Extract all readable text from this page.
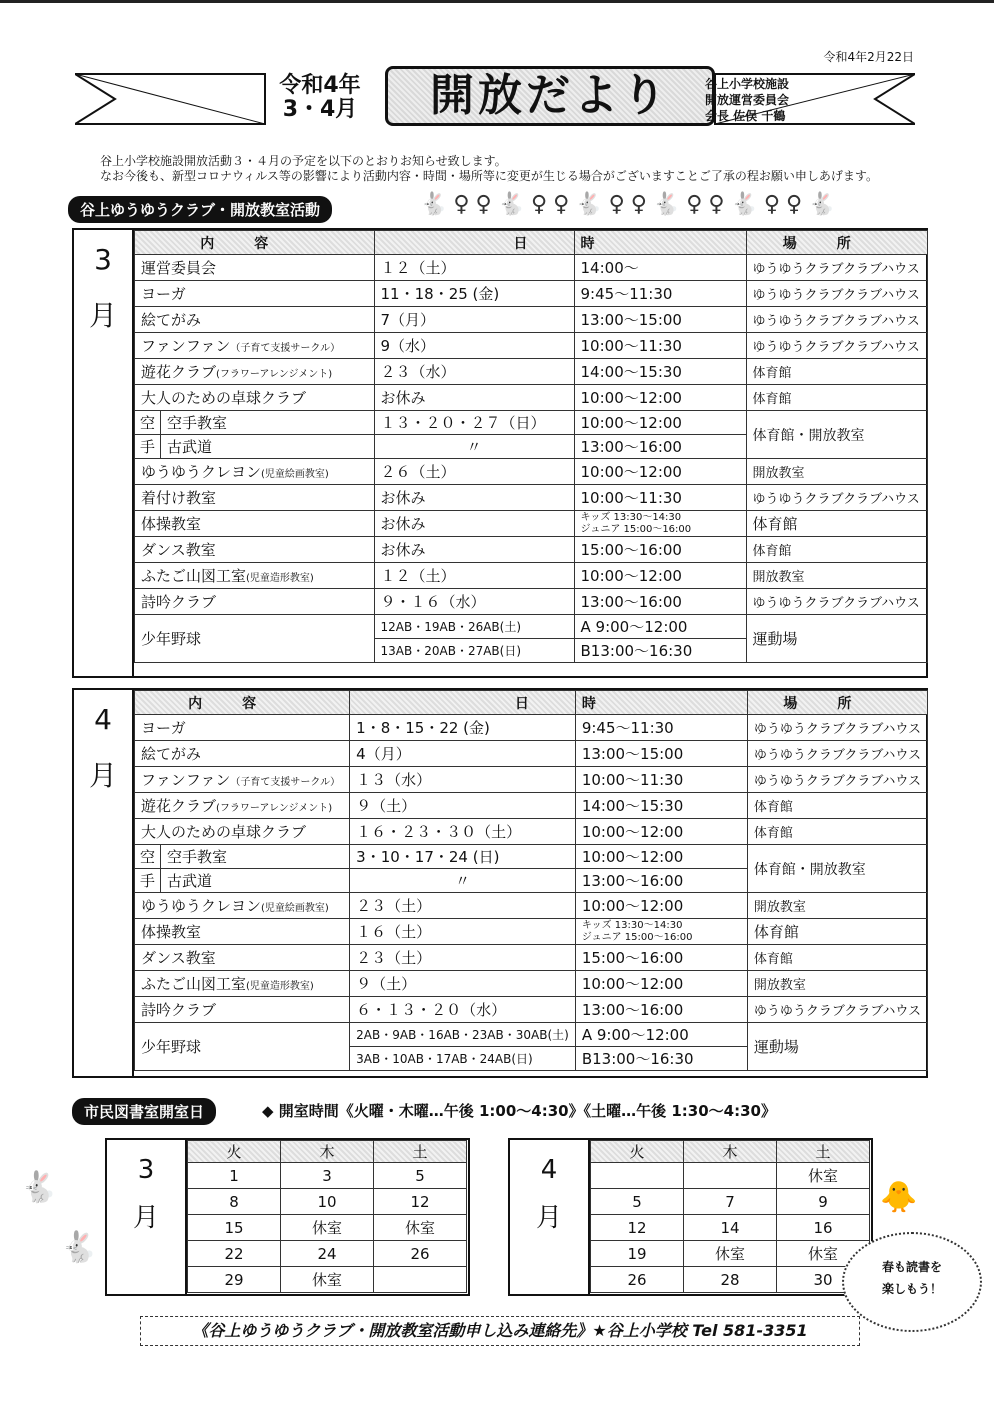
令和4年2月22日
令和4年
3・4月	開放だより	谷上小学校施設
開放運営委員会
会長 佐俣 千鶴
谷上小学校施設開放活動３・４月の予定を以下のとおりお知らせ致します。
なお今後も、新型コロナウィルス等の影響により活動内容・時間・場所等に変更が生じる場合がございますことご了承の程お願い申しあげます。
谷上ゆうゆうクラブ・開放教室活動	🐇♀♀🐇♀♀🐇♀♀🐇♀♀🐇♀♀🐇
3
月
内容		日	時	場所
運営委員会		１２（土）	14:00～	ゆうゆうクラブクラブハウス
ヨーガ		11・18・25 (金)	9:45～11:30	ゆうゆうクラブクラブハウス
絵てがみ		7（月）	13:00～15:00	ゆうゆうクラブクラブハウス
ファンファン（子育て支援サークル）		9（水）	10:00～11:30	ゆうゆうクラブクラブハウス
遊花クラブ(フラワーアレンジメント)		２３（水）	14:00～15:30	体育館
大人のための卓球クラブ		お休み	10:00～12:00	体育館
空	空手教室	１３・２０・２７（日）	10:00～12:00	体育館・開放教室
手	古武道	〃	13:00～16:00	
ゆうゆうクレヨン(児童絵画教室)		２６（土）	10:00～12:00	開放教室
着付け教室		お休み	10:00～11:30	ゆうゆうクラブクラブハウス
体操教室		お休み	キッズ 13:30～14:30
ジュニア 15:00～16:00	体育館
ダンス教室		お休み	15:00～16:00	体育館
ふたご山図工室(児童造形教室)		１２（土）	10:00～12:00	開放教室
詩吟クラブ		９・１６（水）	13:00～16:00	ゆうゆうクラブクラブハウス
少年野球		12AB・19AB・26AB(土)	A 9:00～12:00	運動場
		13AB・20AB・27AB(日)	B13:00～16:30	
4
月
内容		日	時	場所
ヨーガ		1・8・15・22 (金)	9:45～11:30	ゆうゆうクラブクラブハウス
絵てがみ		4（月）	13:00～15:00	ゆうゆうクラブクラブハウス
ファンファン（子育て支援サークル）		１３（水）	10:00～11:30	ゆうゆうクラブクラブハウス
遊花クラブ(フラワーアレンジメント)		９（土）	14:00～15:30	体育館
大人のための卓球クラブ		１６・２３・３０（土）	10:00～12:00	体育館
空	空手教室	3・10・17・24 (日)	10:00～12:00	体育館・開放教室
手	古武道	〃	13:00～16:00	
ゆうゆうクレヨン(児童絵画教室)		２３（土）	10:00～12:00	開放教室
体操教室		１６（土）	キッズ 13:30～14:30
ジュニア 15:00～16:00	体育館
ダンス教室		２３（土）	15:00～16:00	体育館
ふたご山図工室(児童造形教室)		９（土）	10:00～12:00	開放教室
詩吟クラブ		６・１３・２０（水）	13:00～16:00	ゆうゆうクラブクラブハウス
少年野球		2AB・9AB・16AB・23AB・30AB(土)	A 9:00～12:00	運動場
		3AB・10AB・17AB・24AB(日)	B13:00～16:30	
市民図書室開室日	◆ 開室時間《火曜・木曜…午後 1:00～4:30》《土曜…午後 1:30～4:30》
3
月
火	木	土
1	3	5
8	10	12
15	休室	休室
22	24	26
29	休室	
4
月
火	木	土
		休室
5	7	9
12	14	16
19	休室	休室
26	28	30
🐇
🐇
🐥
春も読書を
楽しもう！
《谷上ゆうゆうクラブ・開放教室活動申し込み連絡先》★谷上小学校 Tel 581-3351
